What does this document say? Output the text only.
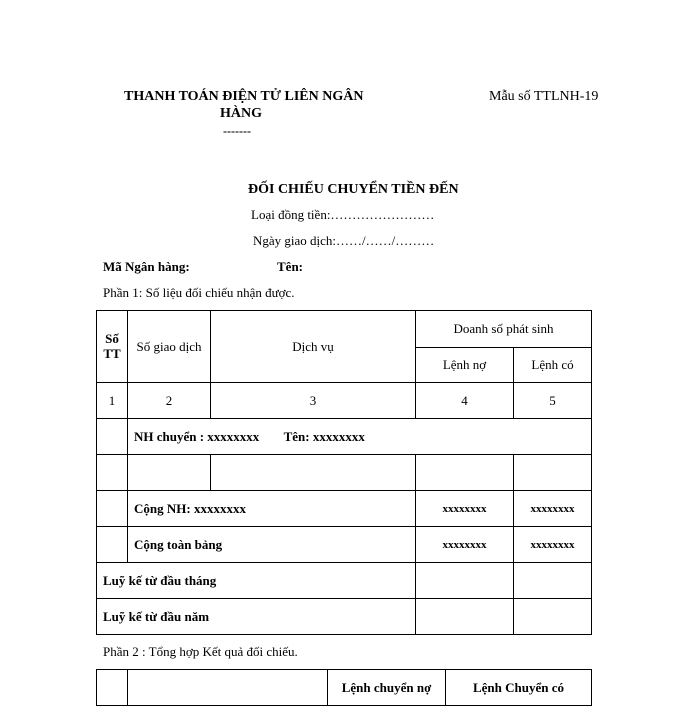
THANH TOÁN ĐIỆN TỬ LIÊN NGÂN
HÀNG
-------
Mẫu số TTLNH-19
ĐỐI CHIẾU CHUYỂN TIỀN ĐẾN
Loại đồng tiền:……………………
Ngày giao dịch:……/……/………
Mã Ngân hàng:	Tên:
Phần 1: Số liệu đối chiếu nhận được.
Số TT	Số giao dịch	Dịch vụ	Doanh số phát sinh	
			Lệnh nợ	Lệnh có
1	2	3	4	5
	NH chuyển : xxxxxxxx Tên: xxxxxxxx			

	Cộng NH: xxxxxxxx		xxxxxxxx	xxxxxxxx
	Cộng toàn bảng		xxxxxxxx	xxxxxxxx
Luỹ kế từ đầu tháng				
Luỹ kế từ đầu năm				
Phần 2 : Tổng hợp Kết quả đối chiếu.
		Lệnh chuyển nợ	Lệnh Chuyển có
